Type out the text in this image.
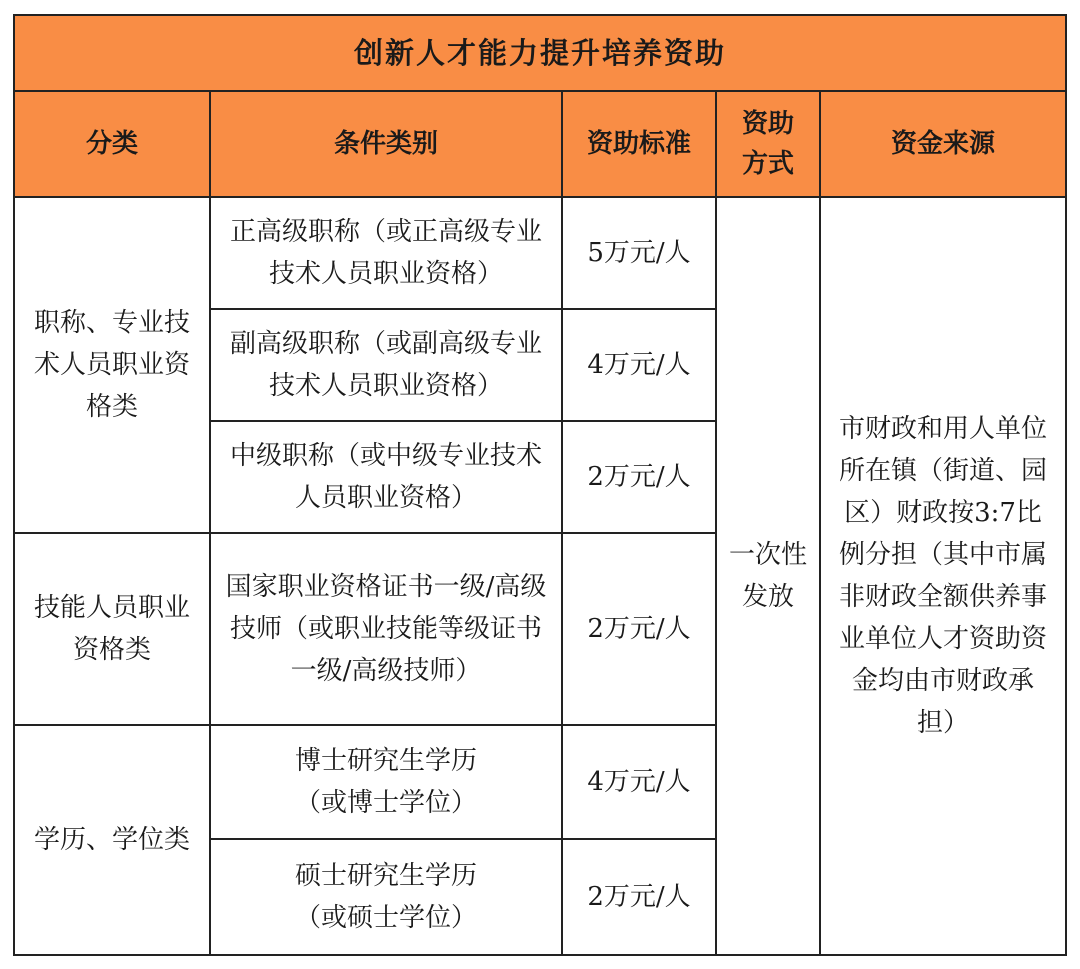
创新人才能力提升培养资助				
分类	条件类别	资助标准	资助方式	资金来源
职称、专业技术人员职业资格类	正高级职称（或正高级专业技术人员职业资格）	5万元/人	一次性发放	市财政和用人单位所在镇（街道、园区）财政按3:7比例分担（其中市属非财政全额供养事业单位人才资助资金均由市财政承担）
	副高级职称（或副高级专业技术人员职业资格）	4万元/人		
	中级职称（或中级专业技术人员职业资格）	2万元/人		
技能人员职业资格类	国家职业资格证书一级/高级技师（或职业技能等级证书一级/高级技师）	2万元/人		
学历、学位类	博士研究生学历（或博士学位）	4万元/人		
	硕士研究生学历（或硕士学位）	2万元/人		
